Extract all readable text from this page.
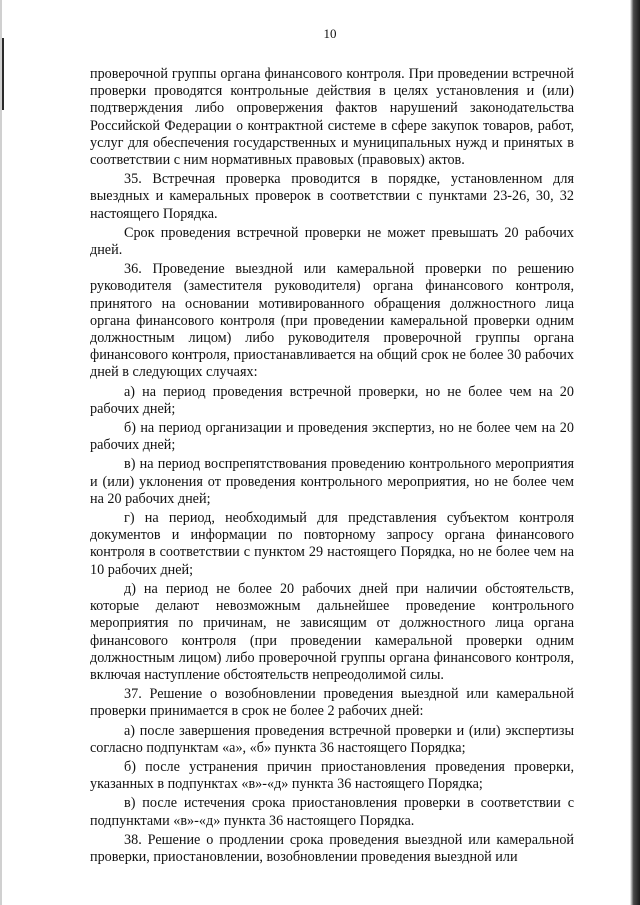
10

проверочной группы органа финансового контроля. При проведении встречной проверки проводятся контрольные действия в целях установления и (или) подтверждения либо опровержения фактов нарушений законодательства Российской Федерации о контрактной системе в сфере закупок товаров, работ, услуг для обеспечения государственных и муниципальных нужд и принятых в соответствии с ним нормативных правовых (правовых) актов.

35. Встречная проверка проводится в порядке, установленном для выездных и камеральных проверок в соответствии с пунктами 23-26, 30, 32 настоящего Порядка.

Срок проведения встречной проверки не может превышать 20 рабочих дней.

36. Проведение выездной или камеральной проверки по решению руководителя (заместителя руководителя) органа финансового контроля, принятого на основании мотивированного обращения должностного лица органа финансового контроля (при проведении камеральной проверки одним должностным лицом) либо руководителя проверочной группы органа финансового контроля, приостанавливается на общий срок не более 30 рабочих дней в следующих случаях:

а) на период проведения встречной проверки, но не более чем на 20 рабочих дней;

б) на период организации и проведения экспертиз, но не более чем на 20 рабочих дней;

в) на период воспрепятствования проведению контрольного мероприятия и (или) уклонения от проведения контрольного мероприятия, но не более чем на 20 рабочих дней;

г) на период, необходимый для представления субъектом контроля документов и информации по повторному запросу органа финансового контроля в соответствии с пунктом 29 настоящего Порядка, но не более чем на 10 рабочих дней;

д) на период не более 20 рабочих дней при наличии обстоятельств, которые делают невозможным дальнейшее проведение контрольного мероприятия по причинам, не зависящим от должностного лица органа финансового контроля (при проведении камеральной проверки одним должностным лицом) либо проверочной группы органа финансового контроля, включая наступление обстоятельств непреодолимой силы.

37. Решение о возобновлении проведения выездной или камеральной проверки принимается в срок не более 2 рабочих дней:

а) после завершения проведения встречной проверки и (или) экспертизы согласно подпунктам «а», «б» пункта 36 настоящего Порядка;

б) после устранения причин приостановления проведения проверки, указанных в подпунктах «в»-«д» пункта 36 настоящего Порядка;

в) после истечения срока приостановления проверки в соответствии с подпунктами «в»-«д» пункта 36 настоящего Порядка.

38. Решение о продлении срока проведения выездной или камеральной проверки, приостановлении, возобновлении проведения выездной или
